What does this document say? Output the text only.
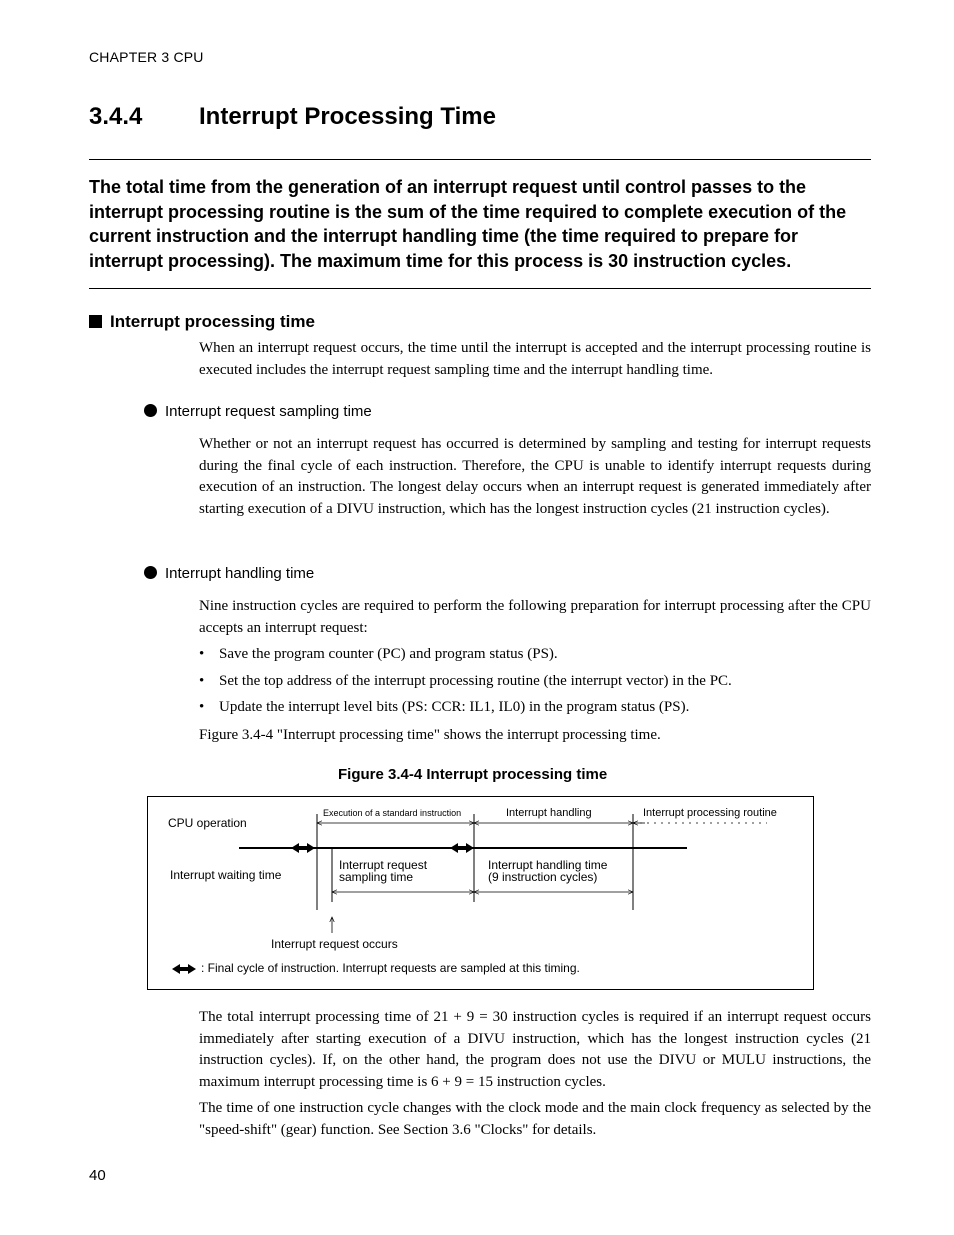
CHAPTER 3 CPU
3.4.4 Interrupt Processing Time
The total time from the generation of an interrupt request until control passes to the interrupt processing routine is the sum of the time required to complete execution of the current instruction and the interrupt handling time (the time required to prepare for interrupt processing). The maximum time for this process is 30 instruction cycles.
Interrupt processing time
When an interrupt request occurs, the time until the interrupt is accepted and the interrupt processing routine is executed includes the interrupt request sampling time and the interrupt handling time.
Interrupt request sampling time
Whether or not an interrupt request has occurred is determined by sampling and testing for interrupt requests during the final cycle of each instruction. Therefore, the CPU is unable to identify interrupt requests during execution of an instruction. The longest delay occurs when an interrupt request is generated immediately after starting execution of a DIVU instruction, which has the longest instruction cycles (21 instruction cycles).
Interrupt handling time
Nine instruction cycles are required to perform the following preparation for interrupt processing after the CPU accepts an interrupt request:
• Save the program counter (PC) and program status (PS).
• Set the top address of the interrupt processing routine (the interrupt vector) in the PC.
• Update the interrupt level bits (PS: CCR: IL1, IL0) in the program status (PS).
Figure 3.4-4 "Interrupt processing time" shows the interrupt processing time.
Figure 3.4-4 Interrupt processing time
CPU operation
Execution of a standard instruction	Interrupt handling	Interrupt processing routine
Interrupt waiting time
Interrupt request
sampling time
Interrupt handling time
(9 instruction cycles)
Interrupt request occurs
: Final cycle of instruction. Interrupt requests are sampled at this timing.
The total interrupt processing time of 21 + 9 = 30 instruction cycles is required if an interrupt request occurs immediately after starting execution of a DIVU instruction, which has the longest instruction cycles (21 instruction cycles). If, on the other hand, the program does not use the DIVU or MULU instructions, the maximum interrupt processing time is 6 + 9 = 15 instruction cycles.
The time of one instruction cycle changes with the clock mode and the main clock frequency as selected by the "speed-shift" (gear) function. See Section 3.6 "Clocks" for details.
40
